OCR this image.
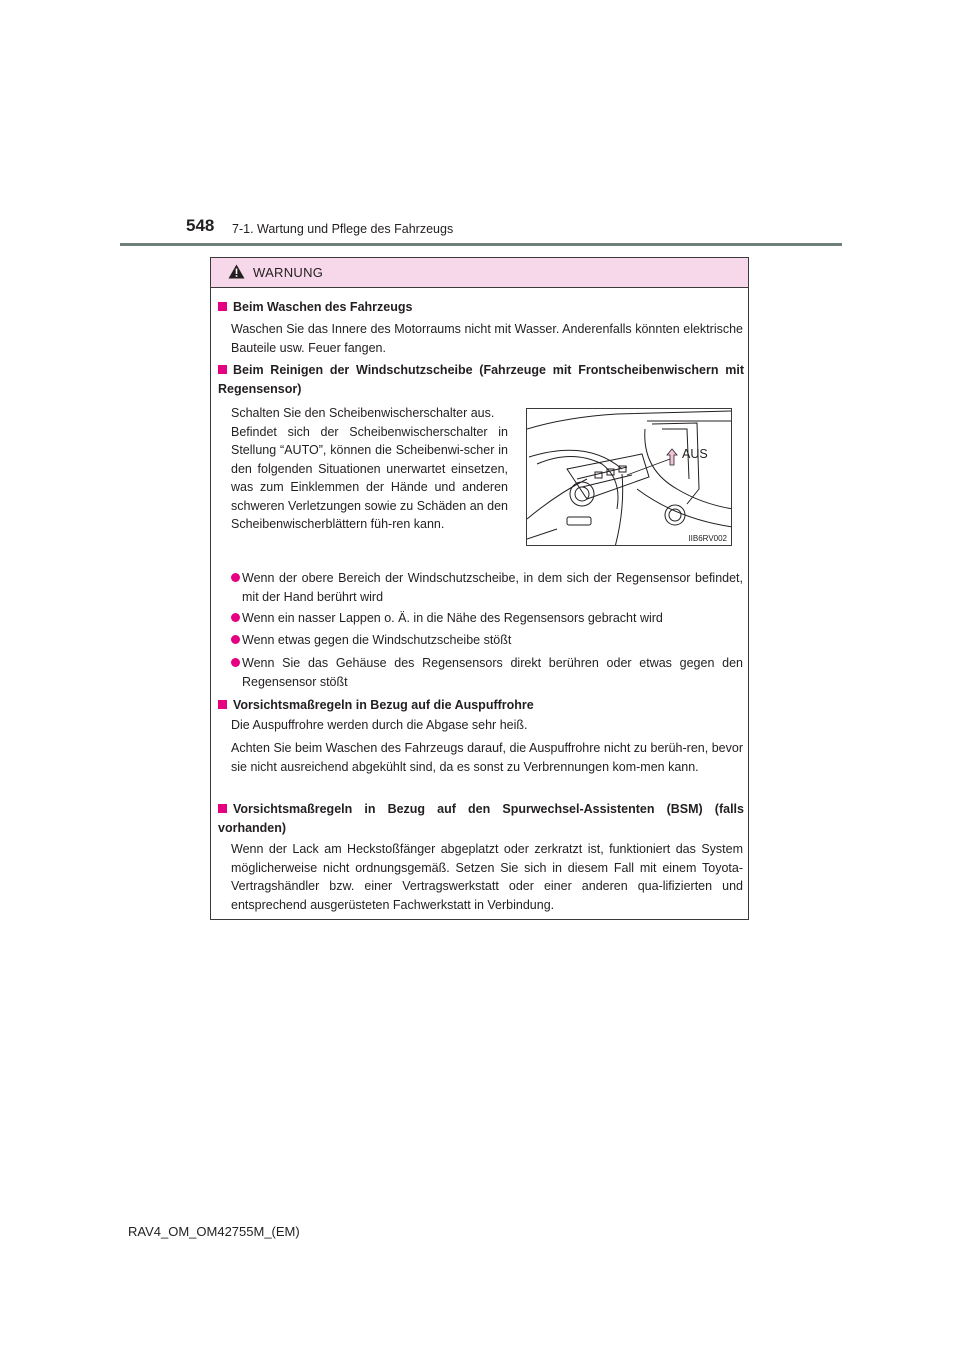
548 7-1. Wartung und Pflege des Fahrzeugs
WARNUNG
Beim Waschen des Fahrzeugs
Waschen Sie das Innere des Motorraums nicht mit Wasser. Anderenfalls könnten elektrische Bauteile usw. Feuer fangen.
Beim Reinigen der Windschutzscheibe (Fahrzeuge mit Frontscheibenwischern mit Regensensor)
Schalten Sie den Scheibenwischerschalter aus.
Befindet sich der Scheibenwischerschalter in Stellung “AUTO”, können die Scheibenwi-scher in den folgenden Situationen unerwartet einsetzen, was zum Einklemmen der Hände und anderen schweren Verletzungen sowie zu Schäden an den Scheibenwischerblättern füh-ren kann.
AUS
IIB6RV002
Wenn der obere Bereich der Windschutzscheibe, in dem sich der Regensensor befindet, mit der Hand berührt wird
Wenn ein nasser Lappen o. Ä. in die Nähe des Regensensors gebracht wird
Wenn etwas gegen die Windschutzscheibe stößt
Wenn Sie das Gehäuse des Regensensors direkt berühren oder etwas gegen den Regensensor stößt
Vorsichtsmaßregeln in Bezug auf die Auspuffrohre
Die Auspuffrohre werden durch die Abgase sehr heiß.
Achten Sie beim Waschen des Fahrzeugs darauf, die Auspuffrohre nicht zu berüh-ren, bevor sie nicht ausreichend abgekühlt sind, da es sonst zu Verbrennungen kom-men kann.
Vorsichtsmaßregeln in Bezug auf den Spurwechsel-Assistenten (BSM) (falls vorhanden)
Wenn der Lack am Heckstoßfänger abgeplatzt oder zerkratzt ist, funktioniert das System möglicherweise nicht ordnungsgemäß. Setzen Sie sich in diesem Fall mit einem Toyota-Vertragshändler bzw. einer Vertragswerkstatt oder einer anderen qua-lifizierten und entsprechend ausgerüsteten Fachwerkstatt in Verbindung.
RAV4_OM_OM42755M_(EM)
